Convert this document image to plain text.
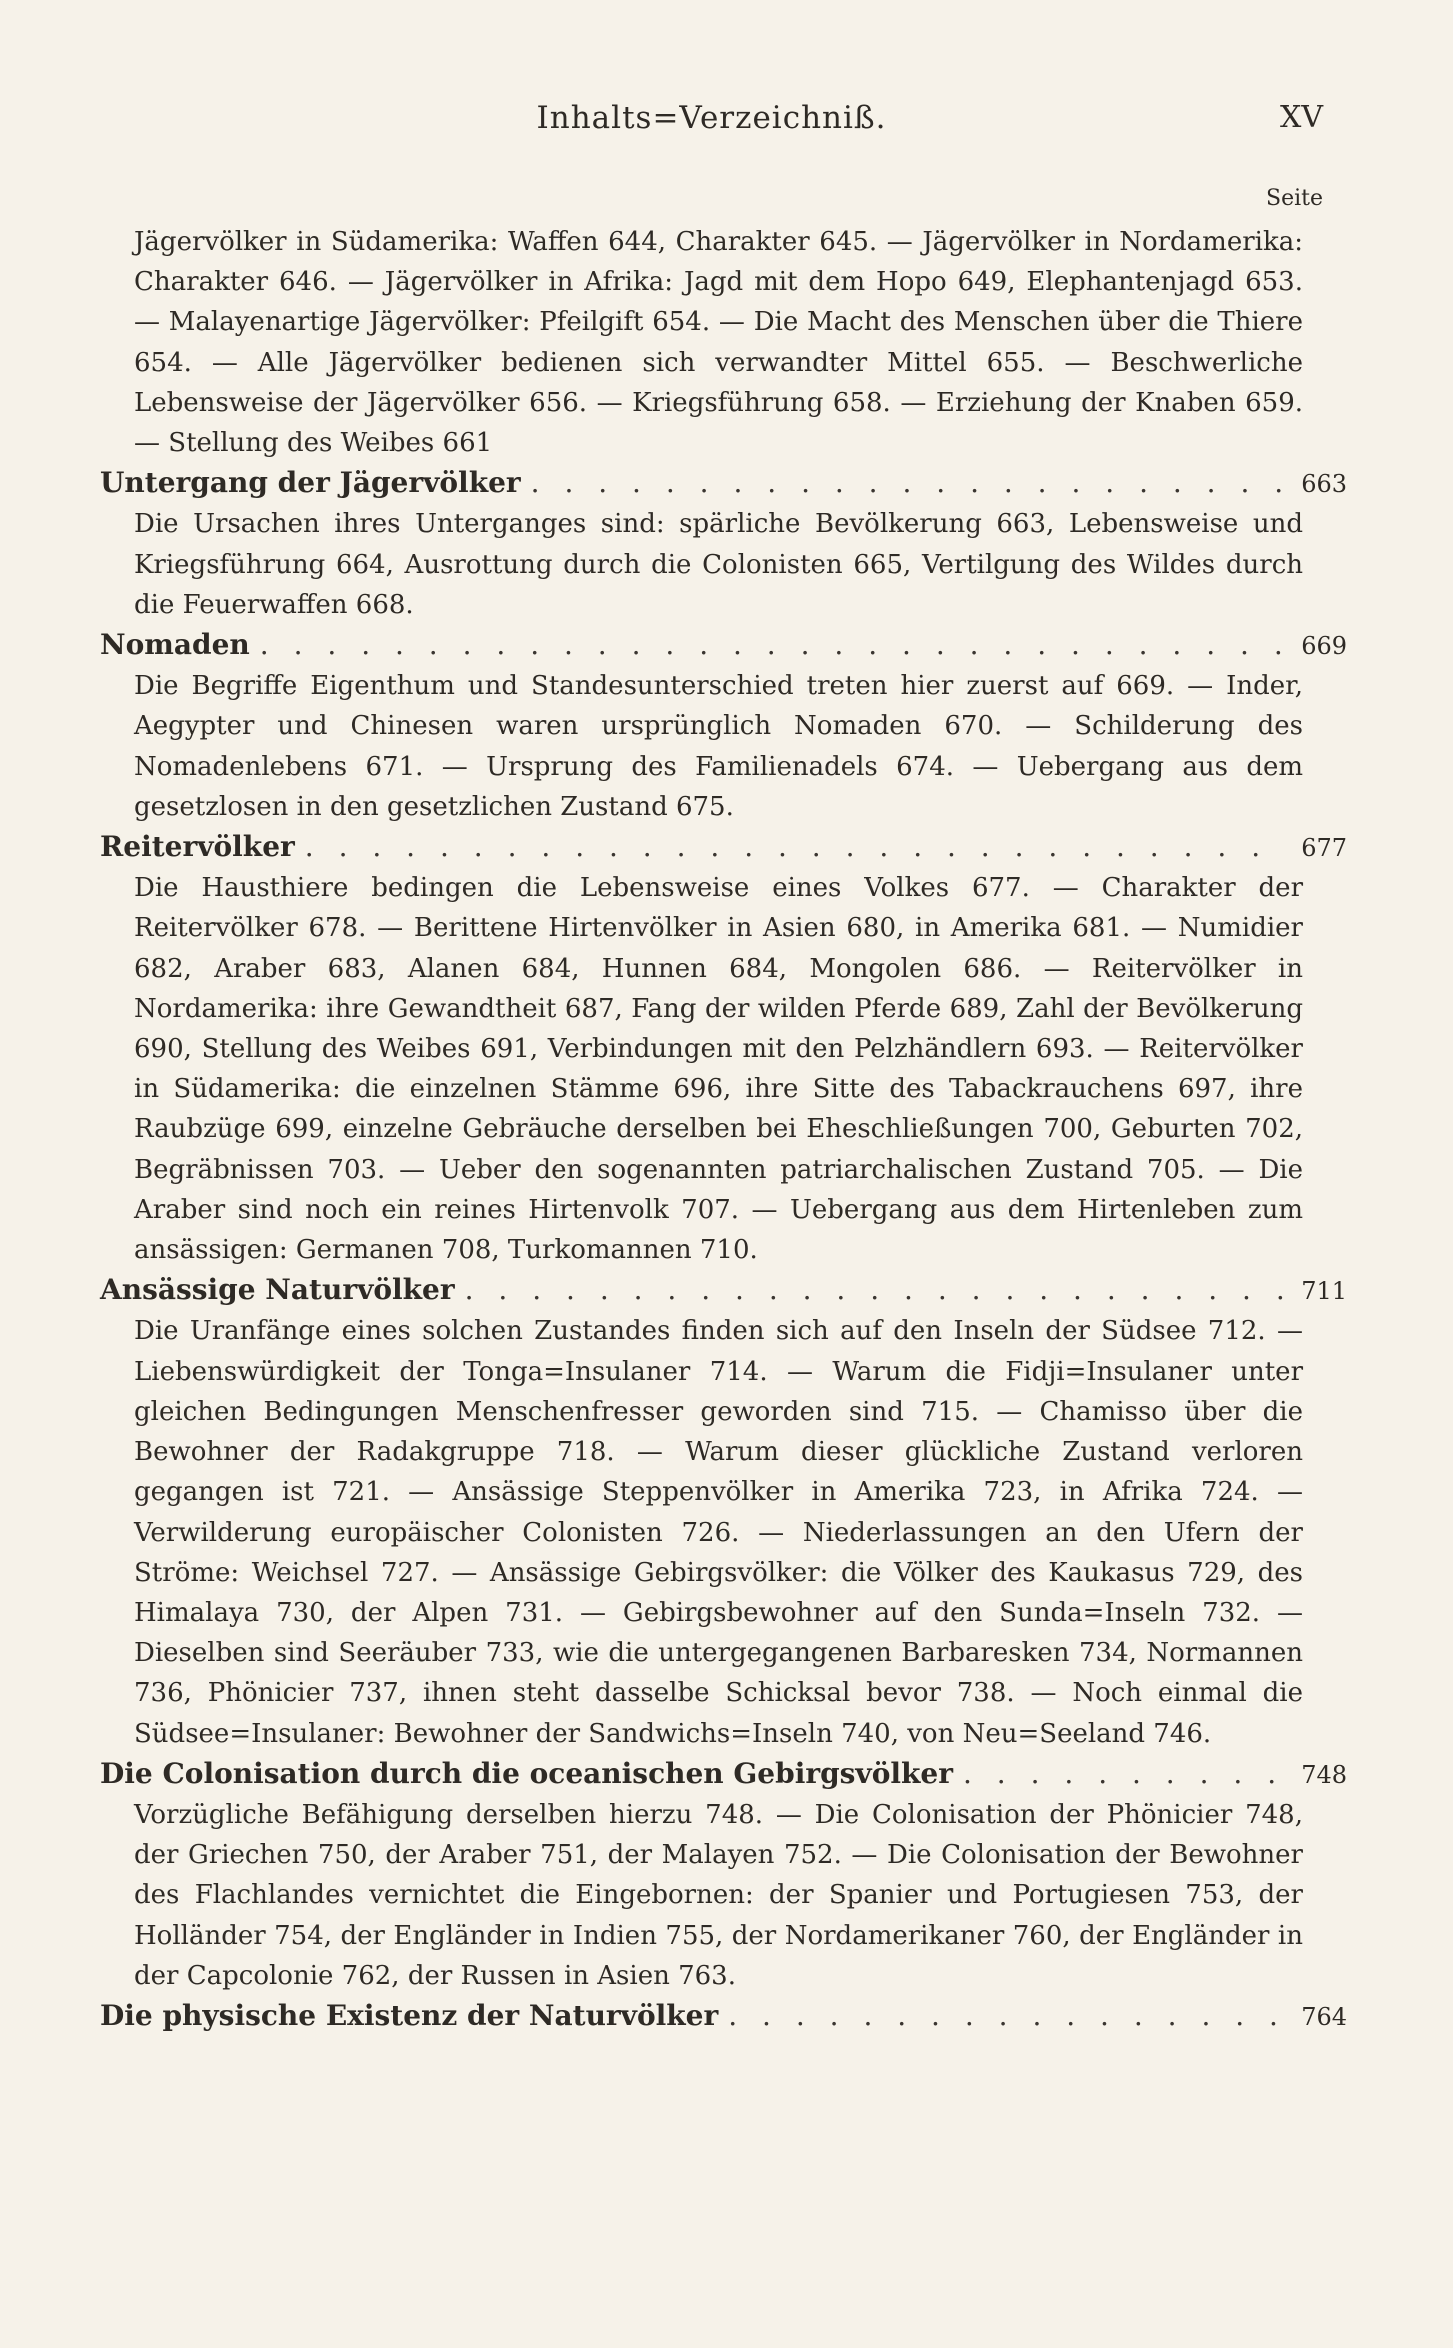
Inhalts=Verzeichniß.	XV
Seite

Jägervölker in Südamerika: Waffen 644, Charakter 645. — Jägervölker in Nordamerika: Charakter 646. — Jägervölker in Afrika: Jagd mit dem Hopo 649, Elephantenjagd 653. — Malayenartige Jägervölker: Pfeilgift 654. — Die Macht des Menschen über die Thiere 654. — Alle Jägervölker bedienen sich verwandter Mittel 655. — Beschwerliche Lebensweise der Jägervölker 656. — Kriegsführung 658. — Erziehung der Knaben 659. — Stellung des Weibes 661

Untergang der Jägervölker . . .	663

Die Ursachen ihres Unterganges sind: spärliche Bevölkerung 663, Lebensweise und Kriegsführung 664, Ausrottung durch die Colonisten 665, Vertilgung des Wildes durch die Feuerwaffen 668.

Nomaden . . .	669

Die Begriffe Eigenthum und Standesunterschied treten hier zuerst auf 669. — Inder, Aegypter und Chinesen waren ursprünglich Nomaden 670. — Schilderung des Nomadenlebens 671. — Ursprung des Familienadels 674. — Uebergang aus dem gesetzlosen in den gesetzlichen Zustand 675.

Reitervölker . . .	677

Die Hausthiere bedingen die Lebensweise eines Volkes 677. — Charakter der Reitervölker 678. — Berittene Hirtenvölker in Asien 680, in Amerika 681. — Numidier 682, Araber 683, Alanen 684, Hunnen 684, Mongolen 686. — Reitervölker in Nordamerika: ihre Gewandtheit 687, Fang der wilden Pferde 689, Zahl der Bevölkerung 690, Stellung des Weibes 691, Verbindungen mit den Pelzhändlern 693. — Reitervölker in Südamerika: die einzelnen Stämme 696, ihre Sitte des Tabackrauchens 697, ihre Raubzüge 699, einzelne Gebräuche derselben bei Eheschließungen 700, Geburten 702, Begräbnissen 703. — Ueber den sogenannten patriarchalischen Zustand 705. — Die Araber sind noch ein reines Hirtenvolk 707. — Uebergang aus dem Hirtenleben zum ansässigen: Germanen 708, Turkomannen 710.

Ansässige Naturvölker . . .	711

Die Uranfänge eines solchen Zustandes finden sich auf den Inseln der Südsee 712. — Liebenswürdigkeit der Tonga=Insulaner 714. — Warum die Fidji=Insulaner unter gleichen Bedingungen Menschenfresser geworden sind 715. — Chamisso über die Bewohner der Radakgruppe 718. — Warum dieser glückliche Zustand verloren gegangen ist 721. — Ansässige Steppenvölker in Amerika 723, in Afrika 724. — Verwilderung europäischer Colonisten 726. — Niederlassungen an den Ufern der Ströme: Weichsel 727. — Ansässige Gebirgsvölker: die Völker des Kaukasus 729, des Himalaya 730, der Alpen 731. — Gebirgsbewohner auf den Sunda=Inseln 732. — Dieselben sind Seeräuber 733, wie die untergegangenen Barbaresken 734, Normannen 736, Phönicier 737, ihnen steht dasselbe Schicksal bevor 738. — Noch einmal die Südsee=Insulaner: Bewohner der Sandwichs=Inseln 740, von Neu=Seeland 746.

Die Colonisation durch die oceanischen Gebirgsvölker . . .	748

Vorzügliche Befähigung derselben hierzu 748. — Die Colonisation der Phönicier 748, der Griechen 750, der Araber 751, der Malayen 752. — Die Colonisation der Bewohner des Flachlandes vernichtet die Eingebornen: der Spanier und Portugiesen 753, der Holländer 754, der Engländer in Indien 755, der Nordamerikaner 760, der Engländer in der Capcolonie 762, der Russen in Asien 763.

Die physische Existenz der Naturvölker . . .	764
